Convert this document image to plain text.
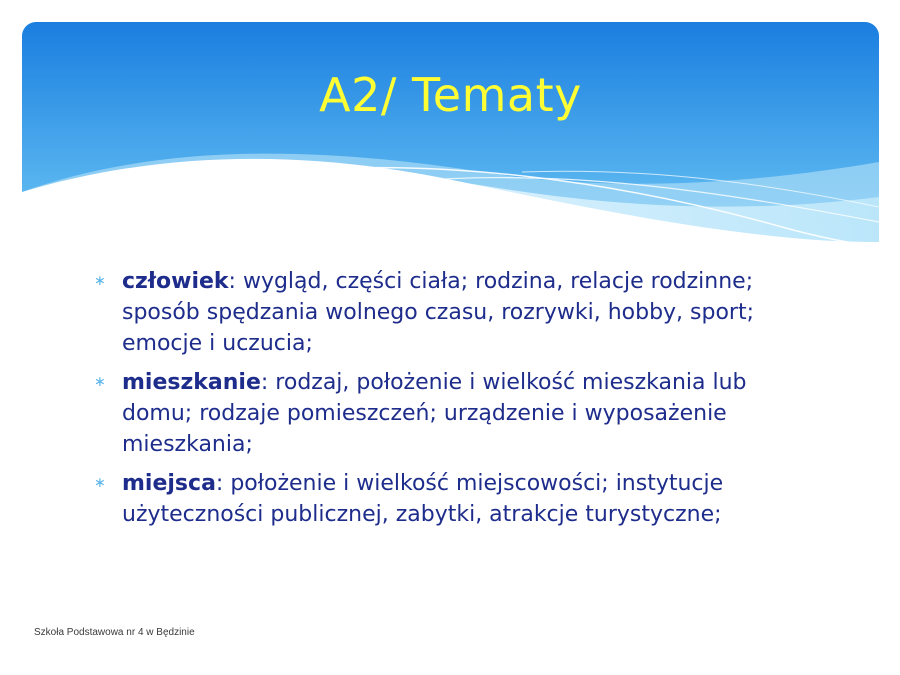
A2/ Tematy
∗ człowiek: wygląd, części ciała; rodzina, relacje rodzinne; sposób spędzania wolnego czasu, rozrywki, hobby, sport; emocje i uczucia;
∗ mieszkanie: rodzaj, położenie i wielkość mieszkania lub domu; rodzaje pomieszczeń; urządzenie i wyposażenie mieszkania;
∗ miejsca: położenie i wielkość miejscowości; instytucje użyteczności publicznej, zabytki, atrakcje turystyczne;
Szkoła Podstawowa nr 4 w Będzinie
